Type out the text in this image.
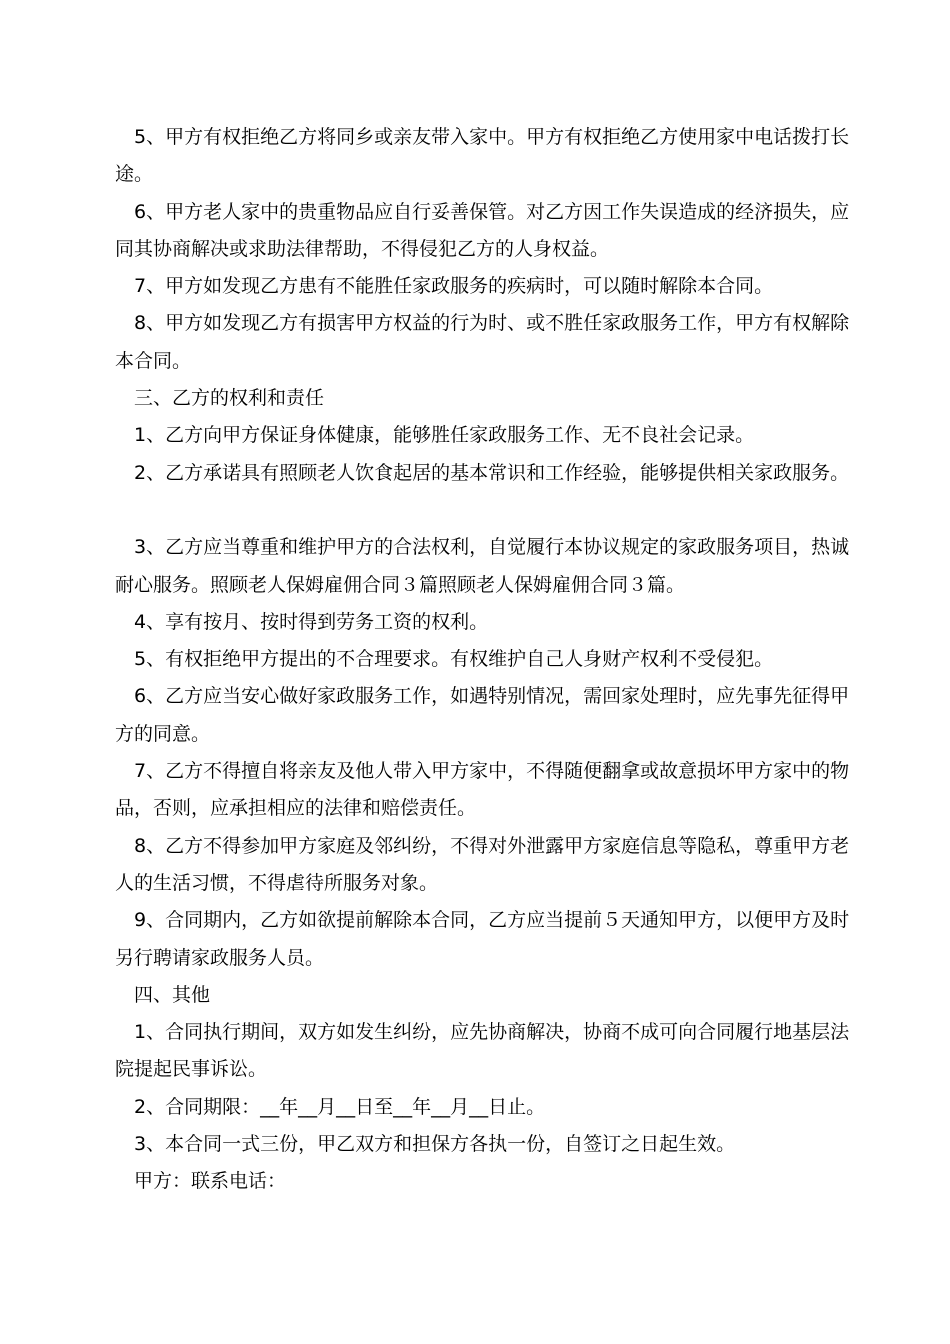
5、甲方有权拒绝乙方将同乡或亲友带入家中。甲方有权拒绝乙方使用家中电话拨打长途。

6、甲方老人家中的贵重物品应自行妥善保管。对乙方因工作失误造成的经济损失，应同其协商解决或求助法律帮助，不得侵犯乙方的人身权益。

7、甲方如发现乙方患有不能胜任家政服务的疾病时，可以随时解除本合同。

8、甲方如发现乙方有损害甲方权益的行为时、或不胜任家政服务工作，甲方有权解除本合同。

三、乙方的权利和责任

1、乙方向甲方保证身体健康，能够胜任家政服务工作、无不良社会记录。

2、乙方承诺具有照顾老人饮食起居的基本常识和工作经验，能够提供相关家政服务。

3、乙方应当尊重和维护甲方的合法权利，自觉履行本协议规定的家政服务项目，热诚耐心服务。照顾老人保姆雇佣合同３篇照顾老人保姆雇佣合同３篇。

4、享有按月、按时得到劳务工资的权利。

5、有权拒绝甲方提出的不合理要求。有权维护自己人身财产权利不受侵犯。

6、乙方应当安心做好家政服务工作，如遇特别情况，需回家处理时，应先事先征得甲方的同意。

7、乙方不得擅自将亲友及他人带入甲方家中，不得随便翻拿或故意损坏甲方家中的物品，否则，应承担相应的法律和赔偿责任。

8、乙方不得参加甲方家庭及邻纠纷，不得对外泄露甲方家庭信息等隐私，尊重甲方老人的生活习惯，不得虐待所服务对象。

9、合同期内，乙方如欲提前解除本合同，乙方应当提前５天通知甲方，以便甲方及时另行聘请家政服务人员。

四、其他

1、合同执行期间，双方如发生纠纷，应先协商解决，协商不成可向合同履行地基层法院提起民事诉讼。

2、合同期限：__年__月__日至__年__月__日止。

3、本合同一式三份，甲乙双方和担保方各执一份，自签订之日起生效。

甲方：联系电话：
